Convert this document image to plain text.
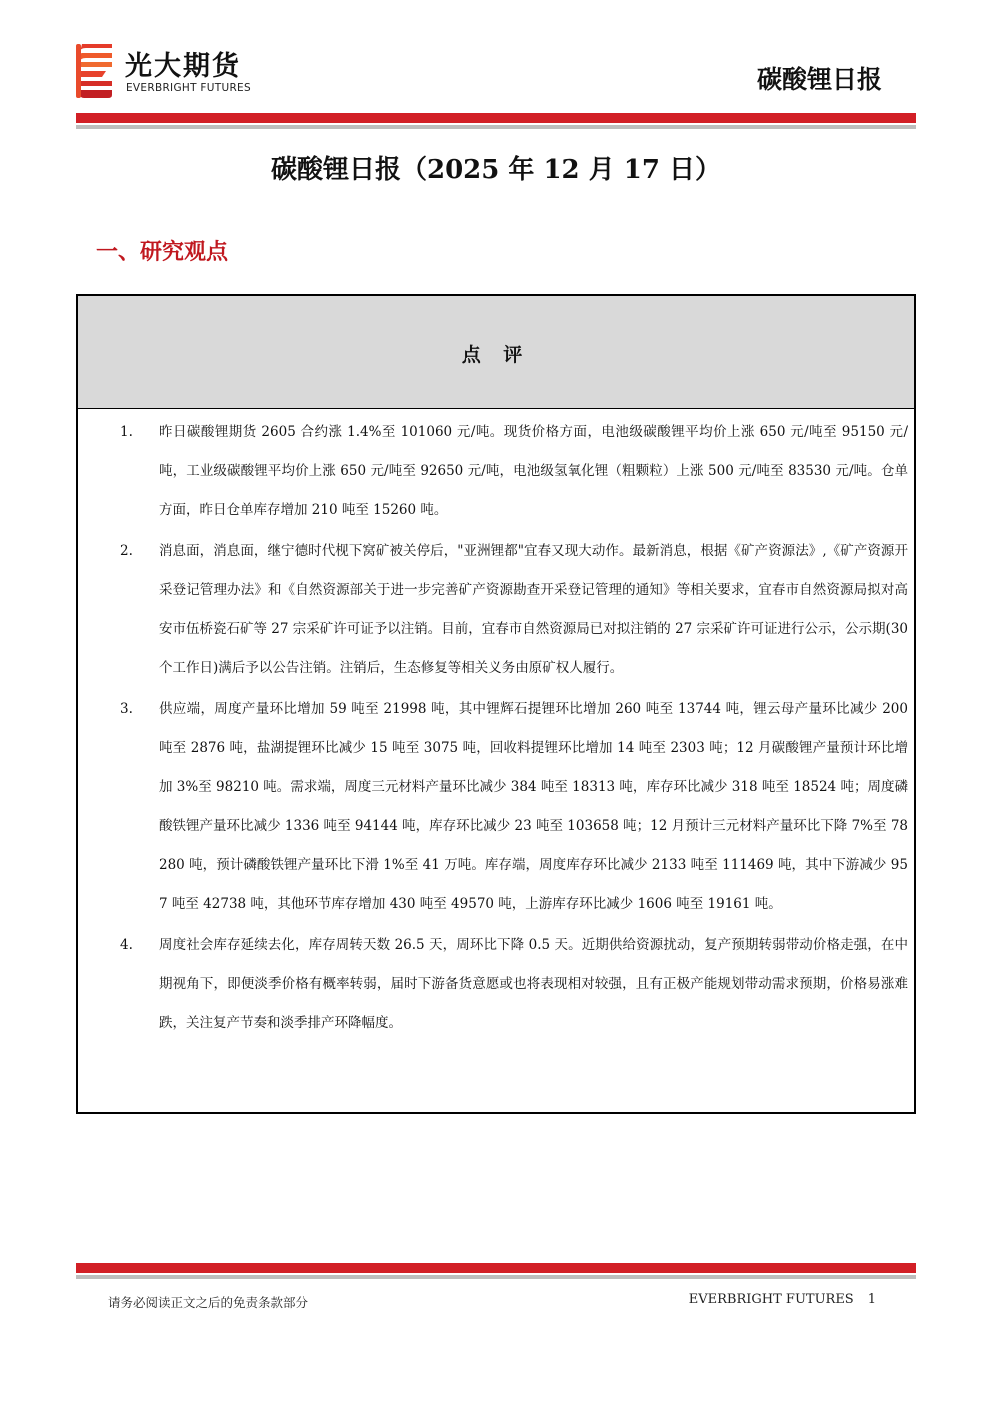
光大期货
EVERBRIGHT FUTURES	碳酸锂日报
碳酸锂日报（2025 年 12 月 17 日）
一、研究观点
点 评
1. 昨日碳酸锂期货 2605 合约涨 1.4%至 101060 元/吨。现货价格方面，电池级碳酸锂平均价上涨 650 元/吨至 95150 元/吨，工业级碳酸锂平均价上涨 650 元/吨至 92650 元/吨，电池级氢氧化锂（粗颗粒）上涨 500 元/吨至 83530 元/吨。仓单方面，昨日仓单库存增加 210 吨至 15260 吨。
2. 消息面，消息面，继宁德时代枧下窝矿被关停后，"亚洲锂都"宜春又现大动作。最新消息，根据《矿产资源法》,《矿产资源开采登记管理办法》和《自然资源部关于进一步完善矿产资源勘查开采登记管理的通知》等相关要求，宜春市自然资源局拟对高安市伍桥瓷石矿等 27 宗采矿许可证予以注销。目前，宜春市自然资源局已对拟注销的 27 宗采矿许可证进行公示，公示期(30 个工作日)满后予以公告注销。注销后，生态修复等相关义务由原矿权人履行。
3. 供应端，周度产量环比增加 59 吨至 21998 吨，其中锂辉石提锂环比增加 260 吨至 13744 吨，锂云母产量环比减少 200 吨至 2876 吨，盐湖提锂环比减少 15 吨至 3075 吨，回收料提锂环比增加 14 吨至 2303 吨；12 月碳酸锂产量预计环比增加 3%至 98210 吨。需求端，周度三元材料产量环比减少 384 吨至 18313 吨，库存环比减少 318 吨至 18524 吨；周度磷酸铁锂产量环比减少 1336 吨至 94144 吨，库存环比减少 23 吨至 103658 吨；12 月预计三元材料产量环比下降 7%至 78280 吨，预计磷酸铁锂产量环比下滑 1%至 41 万吨。库存端，周度库存环比减少 2133 吨至 111469 吨，其中下游减少 957 吨至 42738 吨，其他环节库存增加 430 吨至 49570 吨，上游库存环比减少 1606 吨至 19161 吨。
4. 周度社会库存延续去化，库存周转天数 26.5 天，周环比下降 0.5 天。近期供给资源扰动，复产预期转弱带动价格走强，在中期视角下，即便淡季价格有概率转弱，届时下游备货意愿或也将表现相对较强，且有正极产能规划带动需求预期，价格易涨难跌，关注复产节奏和淡季排产环降幅度。
请务必阅读正文之后的免责条款部分	EVERBRIGHT FUTURES 1
